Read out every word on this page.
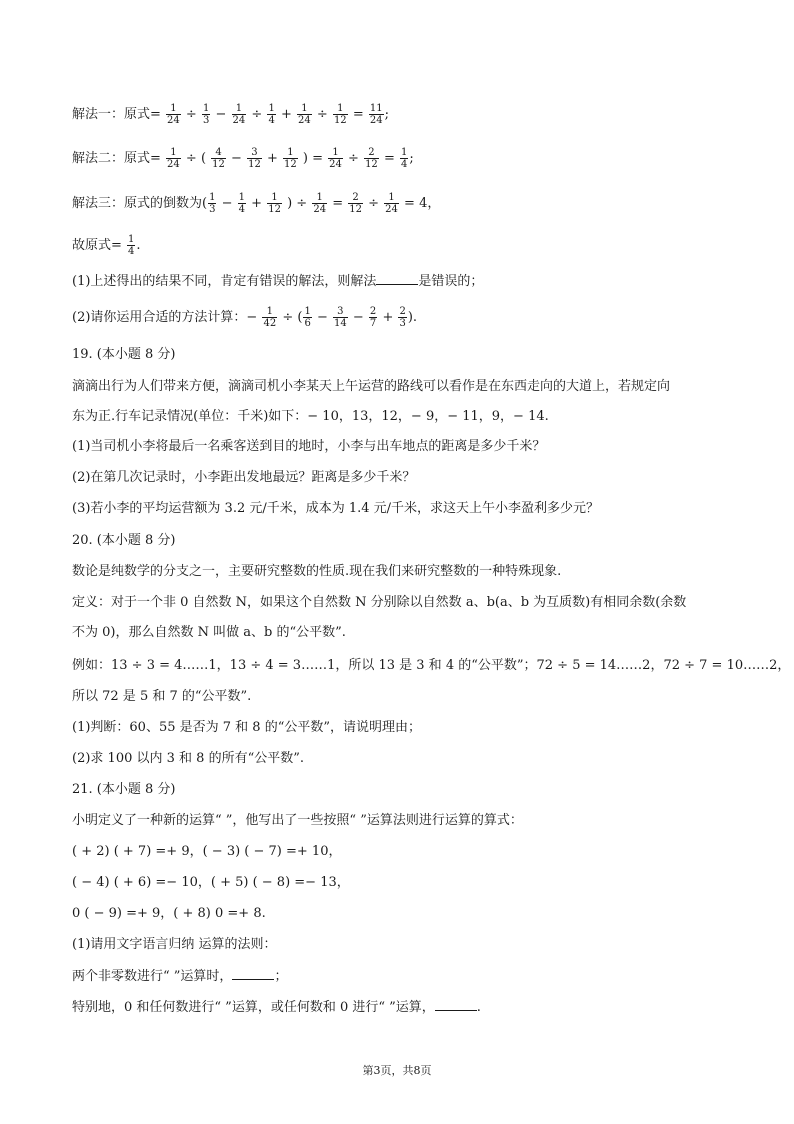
解法一：原式= $\frac{1}{24} \div \frac{1}{3} - \frac{1}{24} \div \frac{1}{4} + \frac{1}{24} \div \frac{1}{12} = \frac{11}{24}$ ;
解法二：原式= $\frac{1}{24}$ ÷ ( $\frac{4}{12} - \frac{3}{12} + \frac{1}{12}$ ) = $\frac{1}{24} \div \frac{2}{12} = \frac{1}{4}$ ;
解法三：原式的倒数为( $\frac{1}{3} - \frac{1}{4} + \frac{1}{12}$ ) ÷ $\frac{1}{24} = \frac{2}{12} \div \frac{1}{24} = 4$，
故原式= $\frac{1}{4}$ .
(1)上述得出的结果不同，肯定有错误的解法，则解法	是错误的；
(2)请你运用合适的方法计算：− $\frac{1}{42}$ ÷ ( $\frac{1}{6} - \frac{3}{14} - \frac{2}{7} + \frac{2}{3}$ ).
19. (本小题 8 分)
滴滴出行为人们带来方便，滴滴司机小李某天上午运营的路线可以看作是在东西走向的大道上，若规定向
东为正.行车记录情况(单位：千米)如下：− 10，13，12，− 9，− 11，9，− 14.
(1)当司机小李将最后一名乘客送到目的地时，小李与出车地点的距离是多少千米？
(2)在第几次记录时，小李距出发地最远？距离是多少千米？
(3)若小李的平均运营额为 3.2 元/千米，成本为 1.4 元/千米，求这天上午小李盈利多少元？
20. (本小题 8 分)
数论是纯数学的分支之一，主要研究整数的性质.现在我们来研究整数的一种特殊现象.
定义：对于一个非 0 自然数 N，如果这个自然数 N 分别除以自然数 a、b(a、b 为互质数)有相同余数(余数
不为 0)，那么自然数 N 叫做 a、b 的“公平数”.
例如：13 ÷ 3 = 4……1，13 ÷ 4 = 3……1，所以 13 是 3 和 4 的“公平数”；72 ÷ 5 = 14……2，72 ÷ 7 = 10……2，
所以 72 是 5 和 7 的“公平数”.
(1)判断：60、55 是否为 7 和 8 的“公平数”，请说明理由；
(2)求 100 以内 3 和 8 的所有“公平数”.
21. (本小题 8 分)
小明定义了一种新的运算“ ”，他写出了一些按照“ ”运算法则进行运算的算式：
( + 2) ( + 7) =+ 9，( − 3) ( − 7) =+ 10，
( − 4) ( + 6) =− 10，( + 5) ( − 8) =− 13，
0 ( − 9) =+ 9，( + 8) 0 =+ 8.
(1)请用文字语言归纳 运算的法则：
两个非零数进行“ ”运算时，	；
特别地，0 和任何数进行“ ”运算，或任何数和 0 进行“ ”运算，	.
第3页，共8页
